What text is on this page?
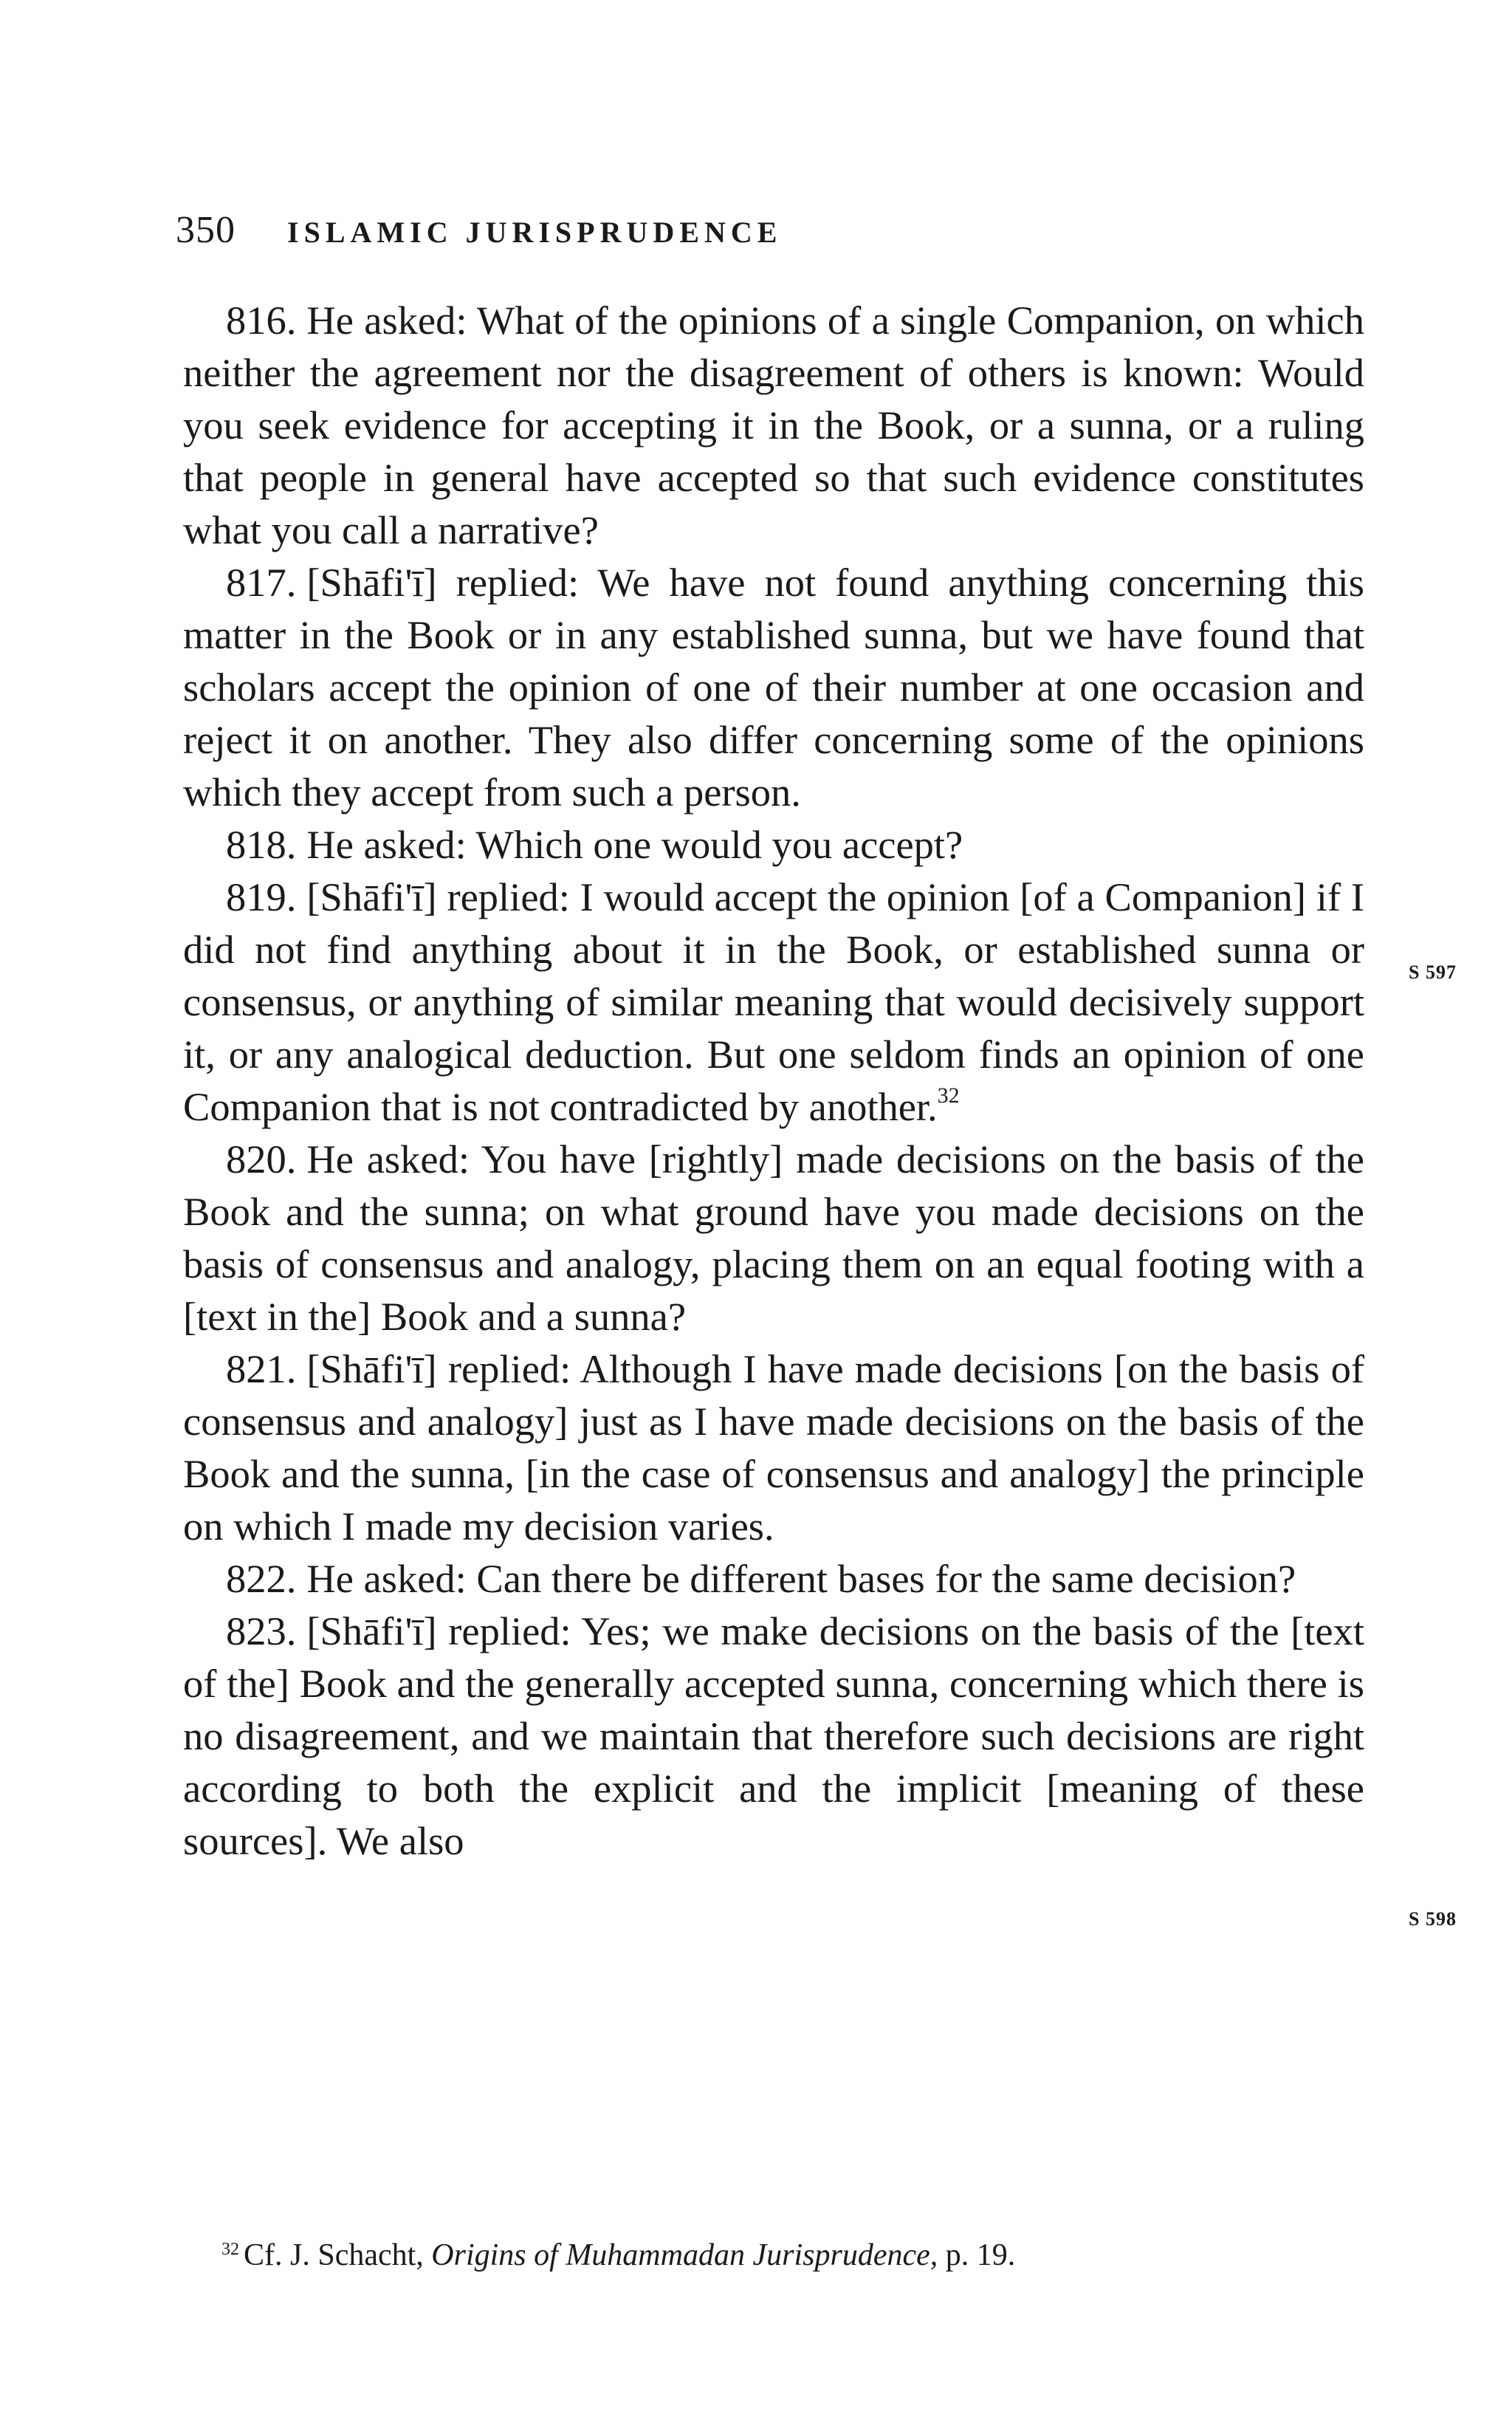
350 ISLAMIC JURISPRUDENCE

816. He asked: What of the opinions of a single Companion, on which neither the agreement nor the disagreement of others is known: Would you seek evidence for accepting it in the Book, or a sunna, or a ruling that people in general have accepted so that such evidence constitutes what you call a narrative?

817. [Shāfi'ī] replied: We have not found anything concerning this matter in the Book or in any established sunna, but we have found that scholars accept the opinion of one of their number at one occasion and reject it on another. They also differ concerning some of the opinions which they accept from such a person.

818. He asked: Which one would you accept?

819. [Shāfi'ī] replied: I would accept the opinion [of a Companion] if I did not find anything about it in the Book, or established sunna or consensus, or anything of similar meaning that would decisively support it, or any analogical deduction. But one seldom finds an opinion of one Companion that is not contradicted by another.$^{32}$

820. He asked: You have [rightly] made decisions on the basis of the Book and the sunna; on what ground have you made decisions on the basis of consensus and analogy, placing them on an equal footing with a [text in the] Book and a sunna?

821. [Shāfi'ī] replied: Although I have made decisions [on the basis of consensus and analogy] just as I have made decisions on the basis of the Book and the sunna, [in the case of consensus and analogy] the principle on which I made my decision varies.

822. He asked: Can there be different bases for the same decision?

823. [Shāfi'ī] replied: Yes; we make decisions on the basis of the [text of the] Book and the generally accepted sunna, concerning which there is no disagreement, and we maintain that therefore such decisions are right according to both the explicit and the implicit [meaning of these sources]. We also

S 597
S 598
$^{32}$ Cf. J. Schacht, Origins of Muhammadan Jurisprudence, p. 19.
